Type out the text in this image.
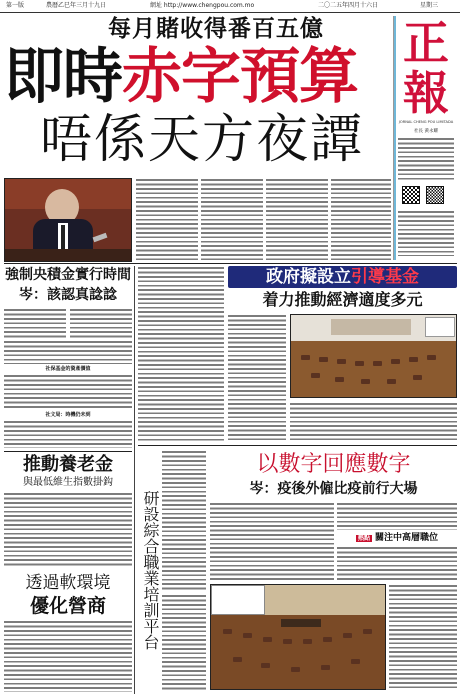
第一版	農曆乙巳年三月十九日	網址 http://www.chengpou.com.mo	二〇二五年四月十六日	星期三
每月賭收得番百五億
即時赤字預算
唔係天方夜譚
正
報
JORNAL CHENG POU LIMITADA
社長 黃永耀
強制央積金實行時間
岑：該認真諗諗
社保基金的資產價值
社文局：時機仍未到
推動養老金
與最低維生指數掛鈎
透過軟環境
優化營商
政府擬設立引導基金
着力推動經濟適度多元
研設綜合職業培訓平台
以數字回應數字
岑：疫後外僱比疫前行大場
熱點 關注中高層職位
